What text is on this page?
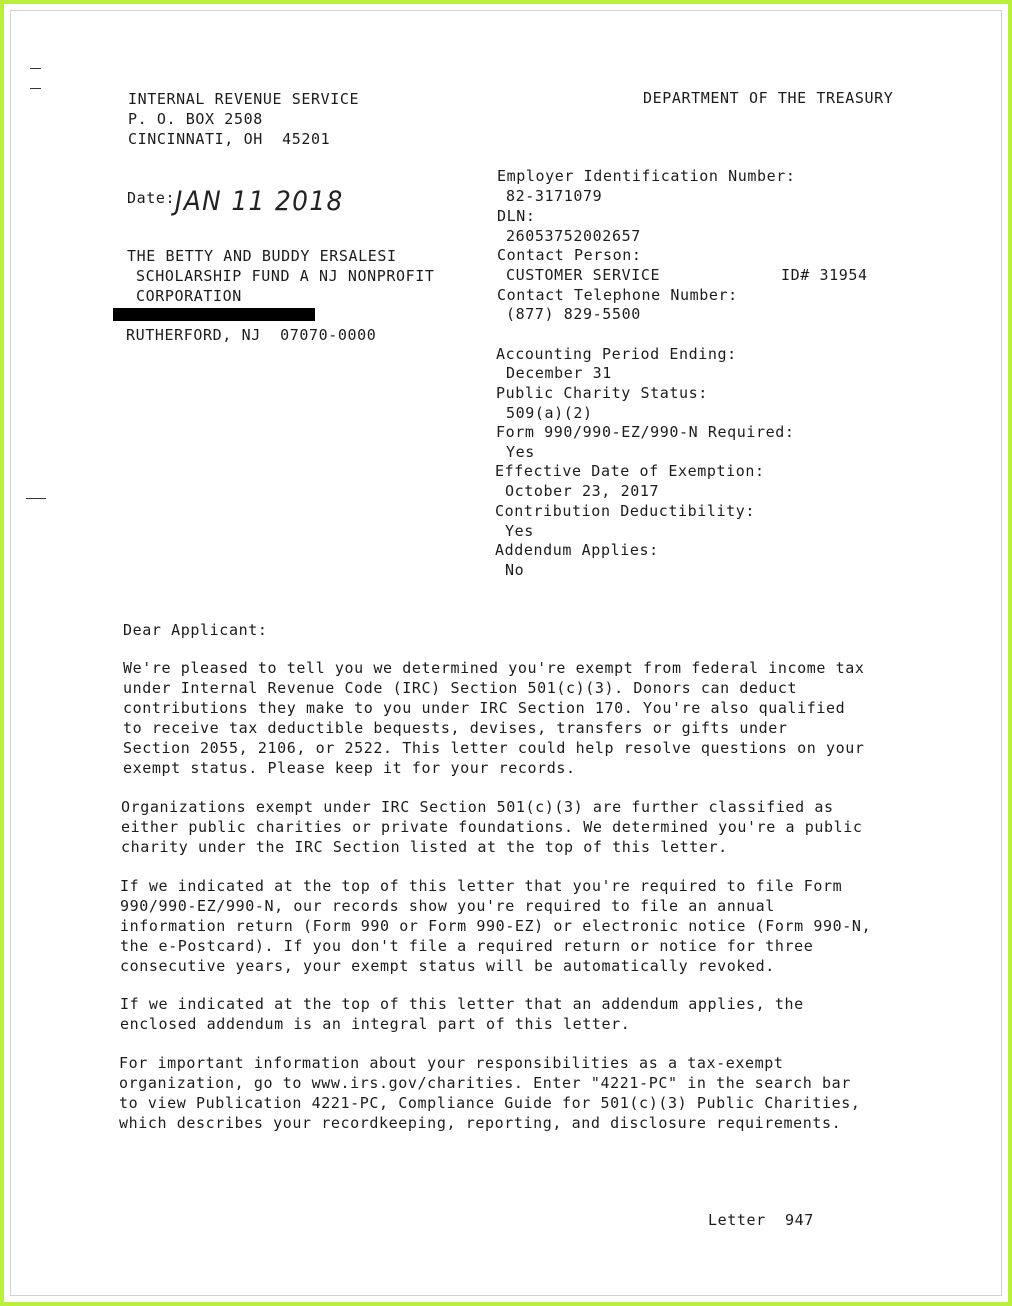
INTERNAL REVENUE SERVICE
P. O. BOX 2508
CINCINNATI, OH  45201
DEPARTMENT OF THE TREASURY
Date: JAN 11 2018
THE BETTY AND BUDDY ERSALESI
SCHOLARSHIP FUND A NJ NONPROFIT
CORPORATION
RUTHERFORD, NJ  07070-0000
Employer Identification Number:
82-3171079
DLN:
26053752002657
Contact Person:
CUSTOMER SERVICE	ID# 31954
Contact Telephone Number:
(877) 829-5500
Accounting Period Ending:
December 31
Public Charity Status:
509(a)(2)
Form 990/990-EZ/990-N Required:
Yes
Effective Date of Exemption:
October 23, 2017
Contribution Deductibility:
Yes
Addendum Applies:
No
Dear Applicant:

We're pleased to tell you we determined you're exempt from federal income tax
under Internal Revenue Code (IRC) Section 501(c)(3). Donors can deduct
contributions they make to you under IRC Section 170. You're also qualified
to receive tax deductible bequests, devises, transfers or gifts under
Section 2055, 2106, or 2522. This letter could help resolve questions on your
exempt status. Please keep it for your records.

Organizations exempt under IRC Section 501(c)(3) are further classified as
either public charities or private foundations. We determined you're a public
charity under the IRC Section listed at the top of this letter.

If we indicated at the top of this letter that you're required to file Form
990/990-EZ/990-N, our records show you're required to file an annual
information return (Form 990 or Form 990-EZ) or electronic notice (Form 990-N,
the e-Postcard). If you don't file a required return or notice for three
consecutive years, your exempt status will be automatically revoked.

If we indicated at the top of this letter that an addendum applies, the
enclosed addendum is an integral part of this letter.

For important information about your responsibilities as a tax-exempt
organization, go to www.irs.gov/charities. Enter "4221-PC" in the search bar
to view Publication 4221-PC, Compliance Guide for 501(c)(3) Public Charities,
which describes your recordkeeping, reporting, and disclosure requirements.

Letter  947
